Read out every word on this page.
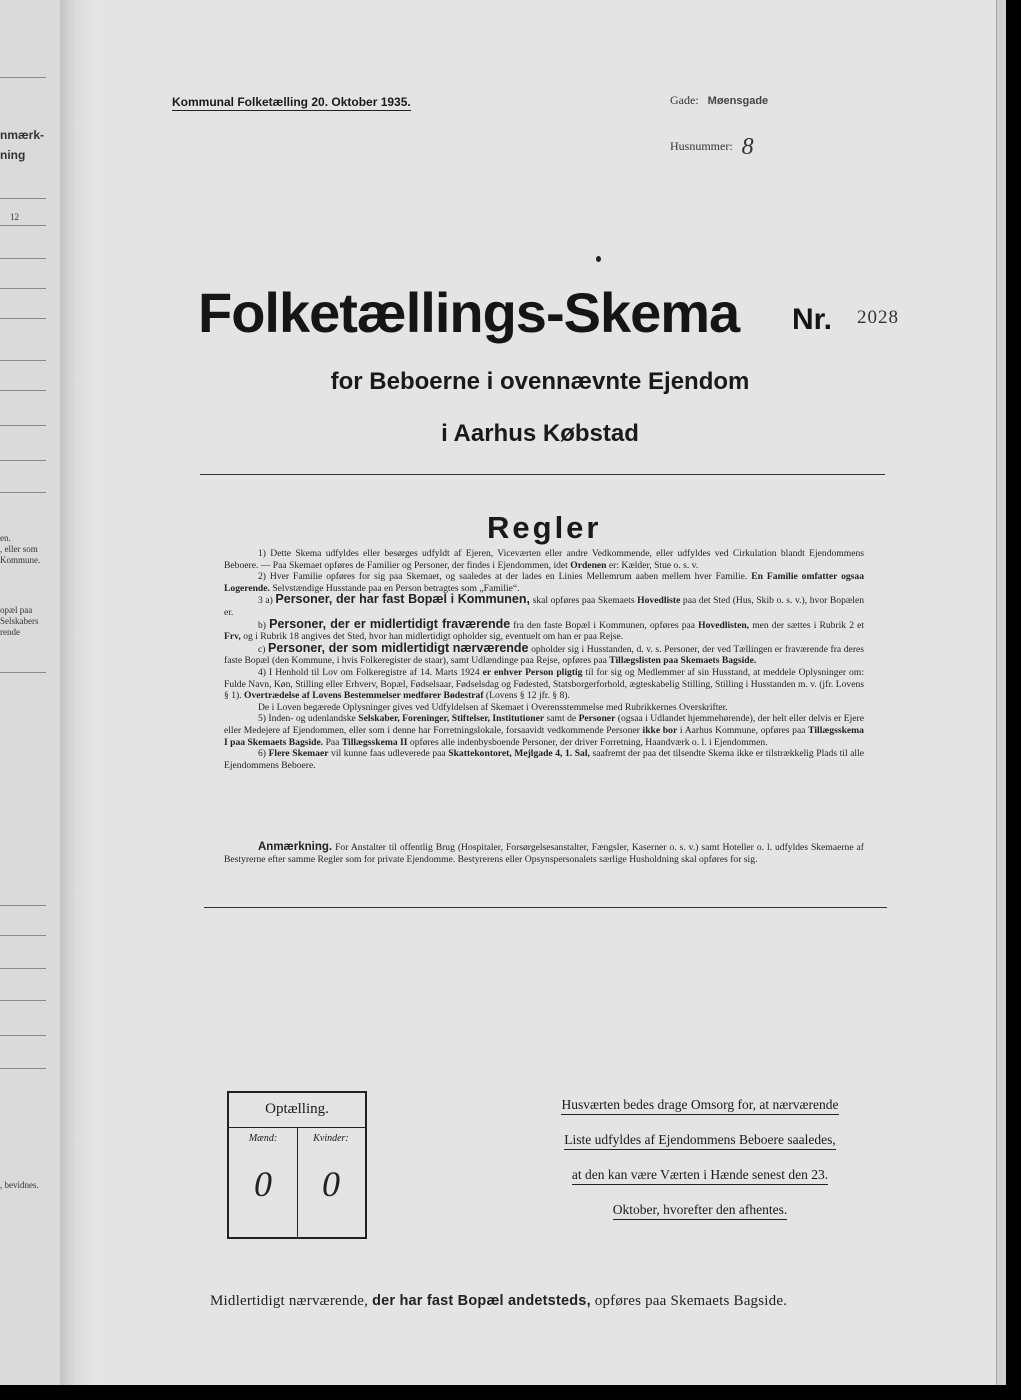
nmærk-
ning
12
en.
, eller som
Kommune.
opæl paa
Selskabers
rende
, bevidnes.
Kommunal Folketælling 20. Oktober 1935.	Gade: Møensgade
Husnummer: 8
Folketællings-Skema Nr. 2028
for Beboerne i ovennævnte Ejendom
i Aarhus Købstad
Regler

1) Dette Skema udfyldes eller besørges udfyldt af Ejeren, Viceværten eller andre Vedkommende, eller udfyldes ved Cirkulation blandt Ejendommens Beboere. — Paa Skemaet opføres de Familier og Personer, der findes i Ejendommen, idet Ordenen er: Kælder, Stue o. s. v.

2) Hver Familie opføres for sig paa Skemaet, og saaledes at der lades en Linies Mellemrum aaben mellem hver Familie. En Familie omfatter ogsaa Logerende. Selvstændige Husstande paa en Person betragtes som „Familie“.

3 a) Personer, der har fast Bopæl i Kommunen, skal opføres paa Skemaets Hovedliste paa det Sted (Hus, Skib o. s. v.), hvor Bopælen er.

b) Personer, der er midlertidigt fraværende fra den faste Bopæl i Kommunen, opføres paa Hovedlisten, men der sættes i Rubrik 2 et Frv, og i Rubrik 18 angives det Sted, hvor han midlertidigt opholder sig, eventuelt om han er paa Rejse.

c) Personer, der som midlertidigt nærværende opholder sig i Husstanden, d. v. s. Personer, der ved Tællingen er fraværende fra deres faste Bopæl (den Kommune, i hvis Folkeregister de staar), samt Udlændinge paa Rejse, opføres paa Tillægslisten paa Skemaets Bagside.

4) I Henhold til Lov om Folkeregistre af 14. Marts 1924 er enhver Person pligtig til for sig og Medlemmer af sin Husstand, at meddele Oplysninger om: Fulde Navn, Køn, Stilling eller Erhverv, Bopæl, Fødselsaar, Fødselsdag og Fødested, Statsborgerforhold, ægteskabelig Stilling, Stilling i Husstanden m. v. (jfr. Lovens § 1). Overtrædelse af Lovens Bestemmelser medfører Bødestraf (Lovens § 12 jfr. § 8).

De i Loven begærede Oplysninger gives ved Udfyldelsen af Skemaet i Overensstemmelse med Rubrikkernes Overskrifter.

5) Inden- og udenlandske Selskaber, Foreninger, Stiftelser, Institutioner samt de Personer (ogsaa i Udlandet hjemmehørende), der helt eller delvis er Ejere eller Medejere af Ejendommen, eller som i denne har Forretningslokale, forsaavidt vedkommende Personer ikke bor i Aarhus Kommune, opføres paa Tillægsskema I paa Skemaets Bagside. Paa Tillægsskema II opføres alle indenbysboende Personer, der driver Forretning, Haandværk o. l. i Ejendommen.

6) Flere Skemaer vil kunne faas udleverede paa Skattekontoret, Mejlgade 4, 1. Sal, saafremt der paa det tilsendte Skema ikke er tilstrækkelig Plads til alle Ejendommens Beboere.

Anmærkning. For Anstalter til offentlig Brug (Hospitaler, Forsørgelsesanstalter, Fængsler, Kaserner o. s. v.) samt Hoteller o. l. udfyldes Skemaerne af Bestyrerne efter samme Regler som for private Ejendomme. Bestyrerens eller Opsynspersonalets særlige Husholdning skal opføres for sig.

Optælling.
Mænd:	Kvinder:
0	0
Husværten bedes drage Omsorg for, at nærværende
Liste udfyldes af Ejendommens Beboere saaledes,
at den kan være Værten i Hænde senest den 23.
Oktober, hvorefter den afhentes.
Midlertidigt nærværende, der har fast Bopæl andetsteds, opføres paa Skemaets Bagside.
